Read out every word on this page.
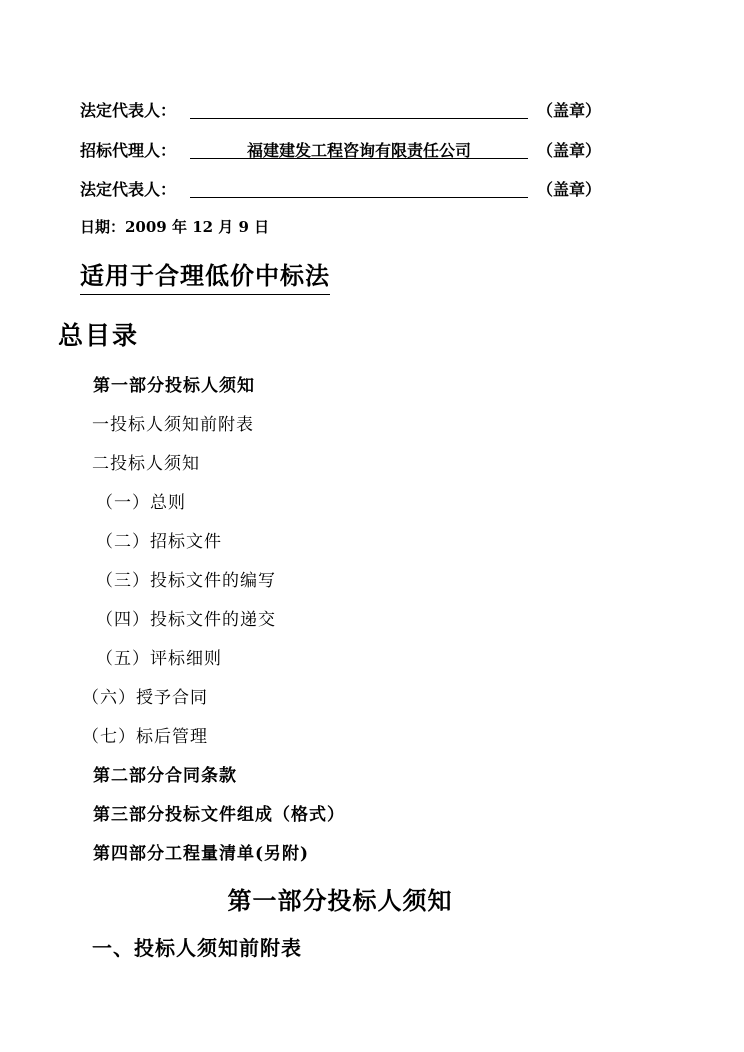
法定代表人：	（盖章）
招标代理人：	福建建发工程咨询有限责任公司	（盖章）
法定代表人：	（盖章）
日期：2009 年 12 月 9 日
适用于合理低价中标法
总目录
第一部分投标人须知
一投标人须知前附表
二投标人须知
（一）总则
（二）招标文件
（三）投标文件的编写
（四）投标文件的递交
（五）评标细则
（六）授予合同
（七）标后管理
第二部分合同条款
第三部分投标文件组成（格式）
第四部分工程量清单(另附)
第一部分投标人须知
一、投标人须知前附表
